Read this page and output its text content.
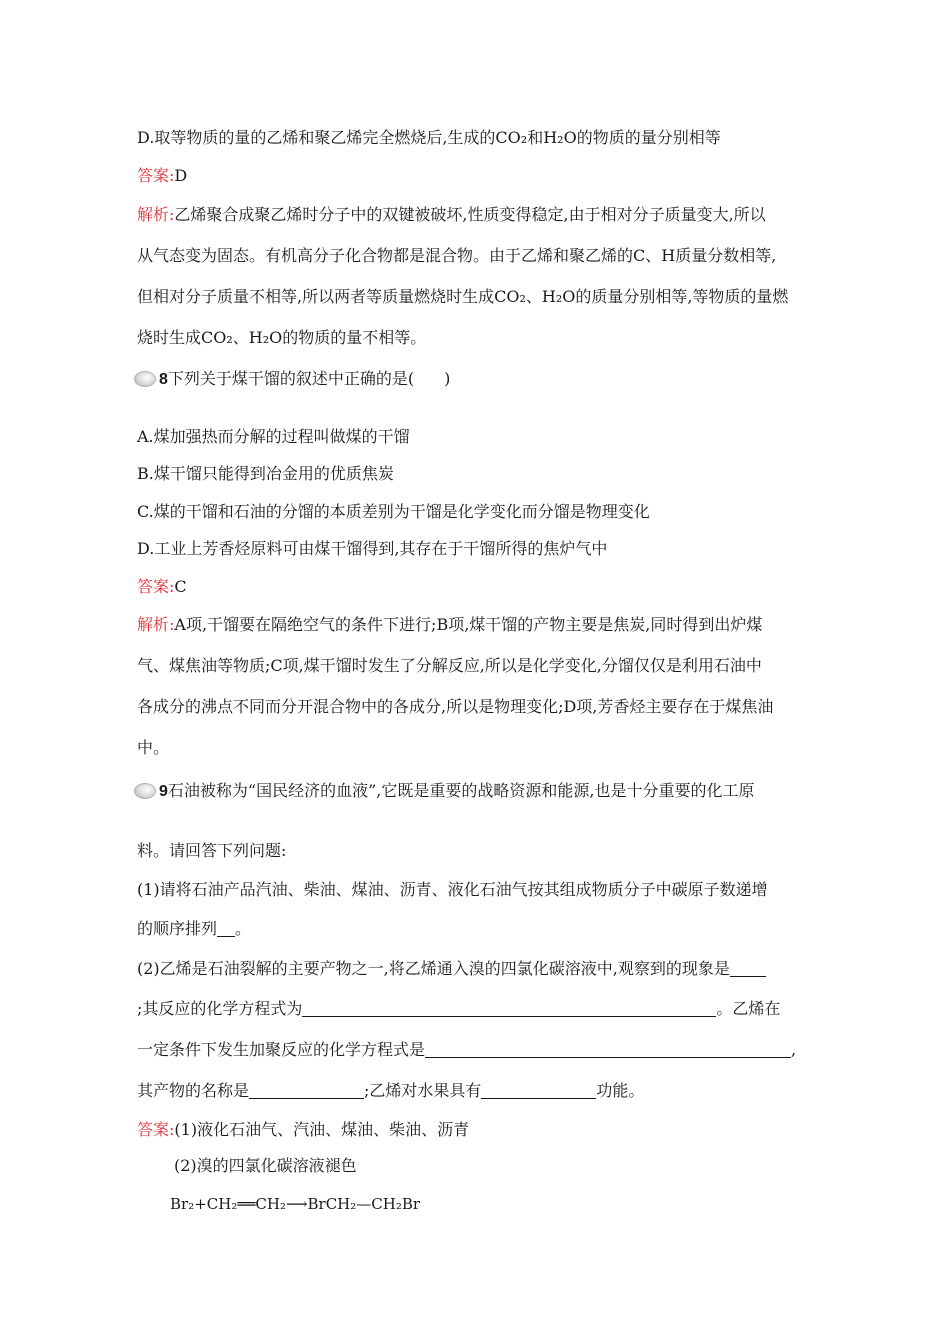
D.取等物质的量的乙烯和聚乙烯完全燃烧后,生成的CO₂和H₂O的物质的量分别相等
答案:D
解析:乙烯聚合成聚乙烯时分子中的双键被破坏,性质变得稳定,由于相对分子质量变大,所以
从气态变为固态。有机高分子化合物都是混合物。由于乙烯和聚乙烯的C、H质量分数相等,
但相对分子质量不相等,所以两者等质量燃烧时生成CO₂、H₂O的质量分别相等,等物质的量燃
烧时生成CO₂、H₂O的物质的量不相等。
8下列关于煤干馏的叙述中正确的是( )
A.煤加强热而分解的过程叫做煤的干馏
B.煤干馏只能得到冶金用的优质焦炭
C.煤的干馏和石油的分馏的本质差别为干馏是化学变化而分馏是物理变化
D.工业上芳香烃原料可由煤干馏得到,其存在于干馏所得的焦炉气中
答案:C
解析:A项,干馏要在隔绝空气的条件下进行;B项,煤干馏的产物主要是焦炭,同时得到出炉煤
气、煤焦油等物质;C项,煤干馏时发生了分解反应,所以是化学变化,分馏仅仅是利用石油中
各成分的沸点不同而分开混合物中的各成分,所以是物理变化;D项,芳香烃主要存在于煤焦油
中。
9石油被称为“国民经济的血液”,它既是重要的战略资源和能源,也是十分重要的化工原
料。请回答下列问题:
(1)请将石油产品汽油、柴油、煤油、沥青、液化石油气按其组成物质分子中碳原子数递增
的顺序排列 。
(2)乙烯是石油裂解的主要产物之一,将乙烯通入溴的四氯化碳溶液中,观察到的现象是
;其反应的化学方程式为	。乙烯在
一定条件下发生加聚反应的化学方程式是	,
其产物的名称是	;乙烯对水果具有	功能。
答案:(1)液化石油气、汽油、煤油、柴油、沥青
(2)溴的四氯化碳溶液褪色
Br₂+CH₂══CH₂⟶BrCH₂—CH₂Br
